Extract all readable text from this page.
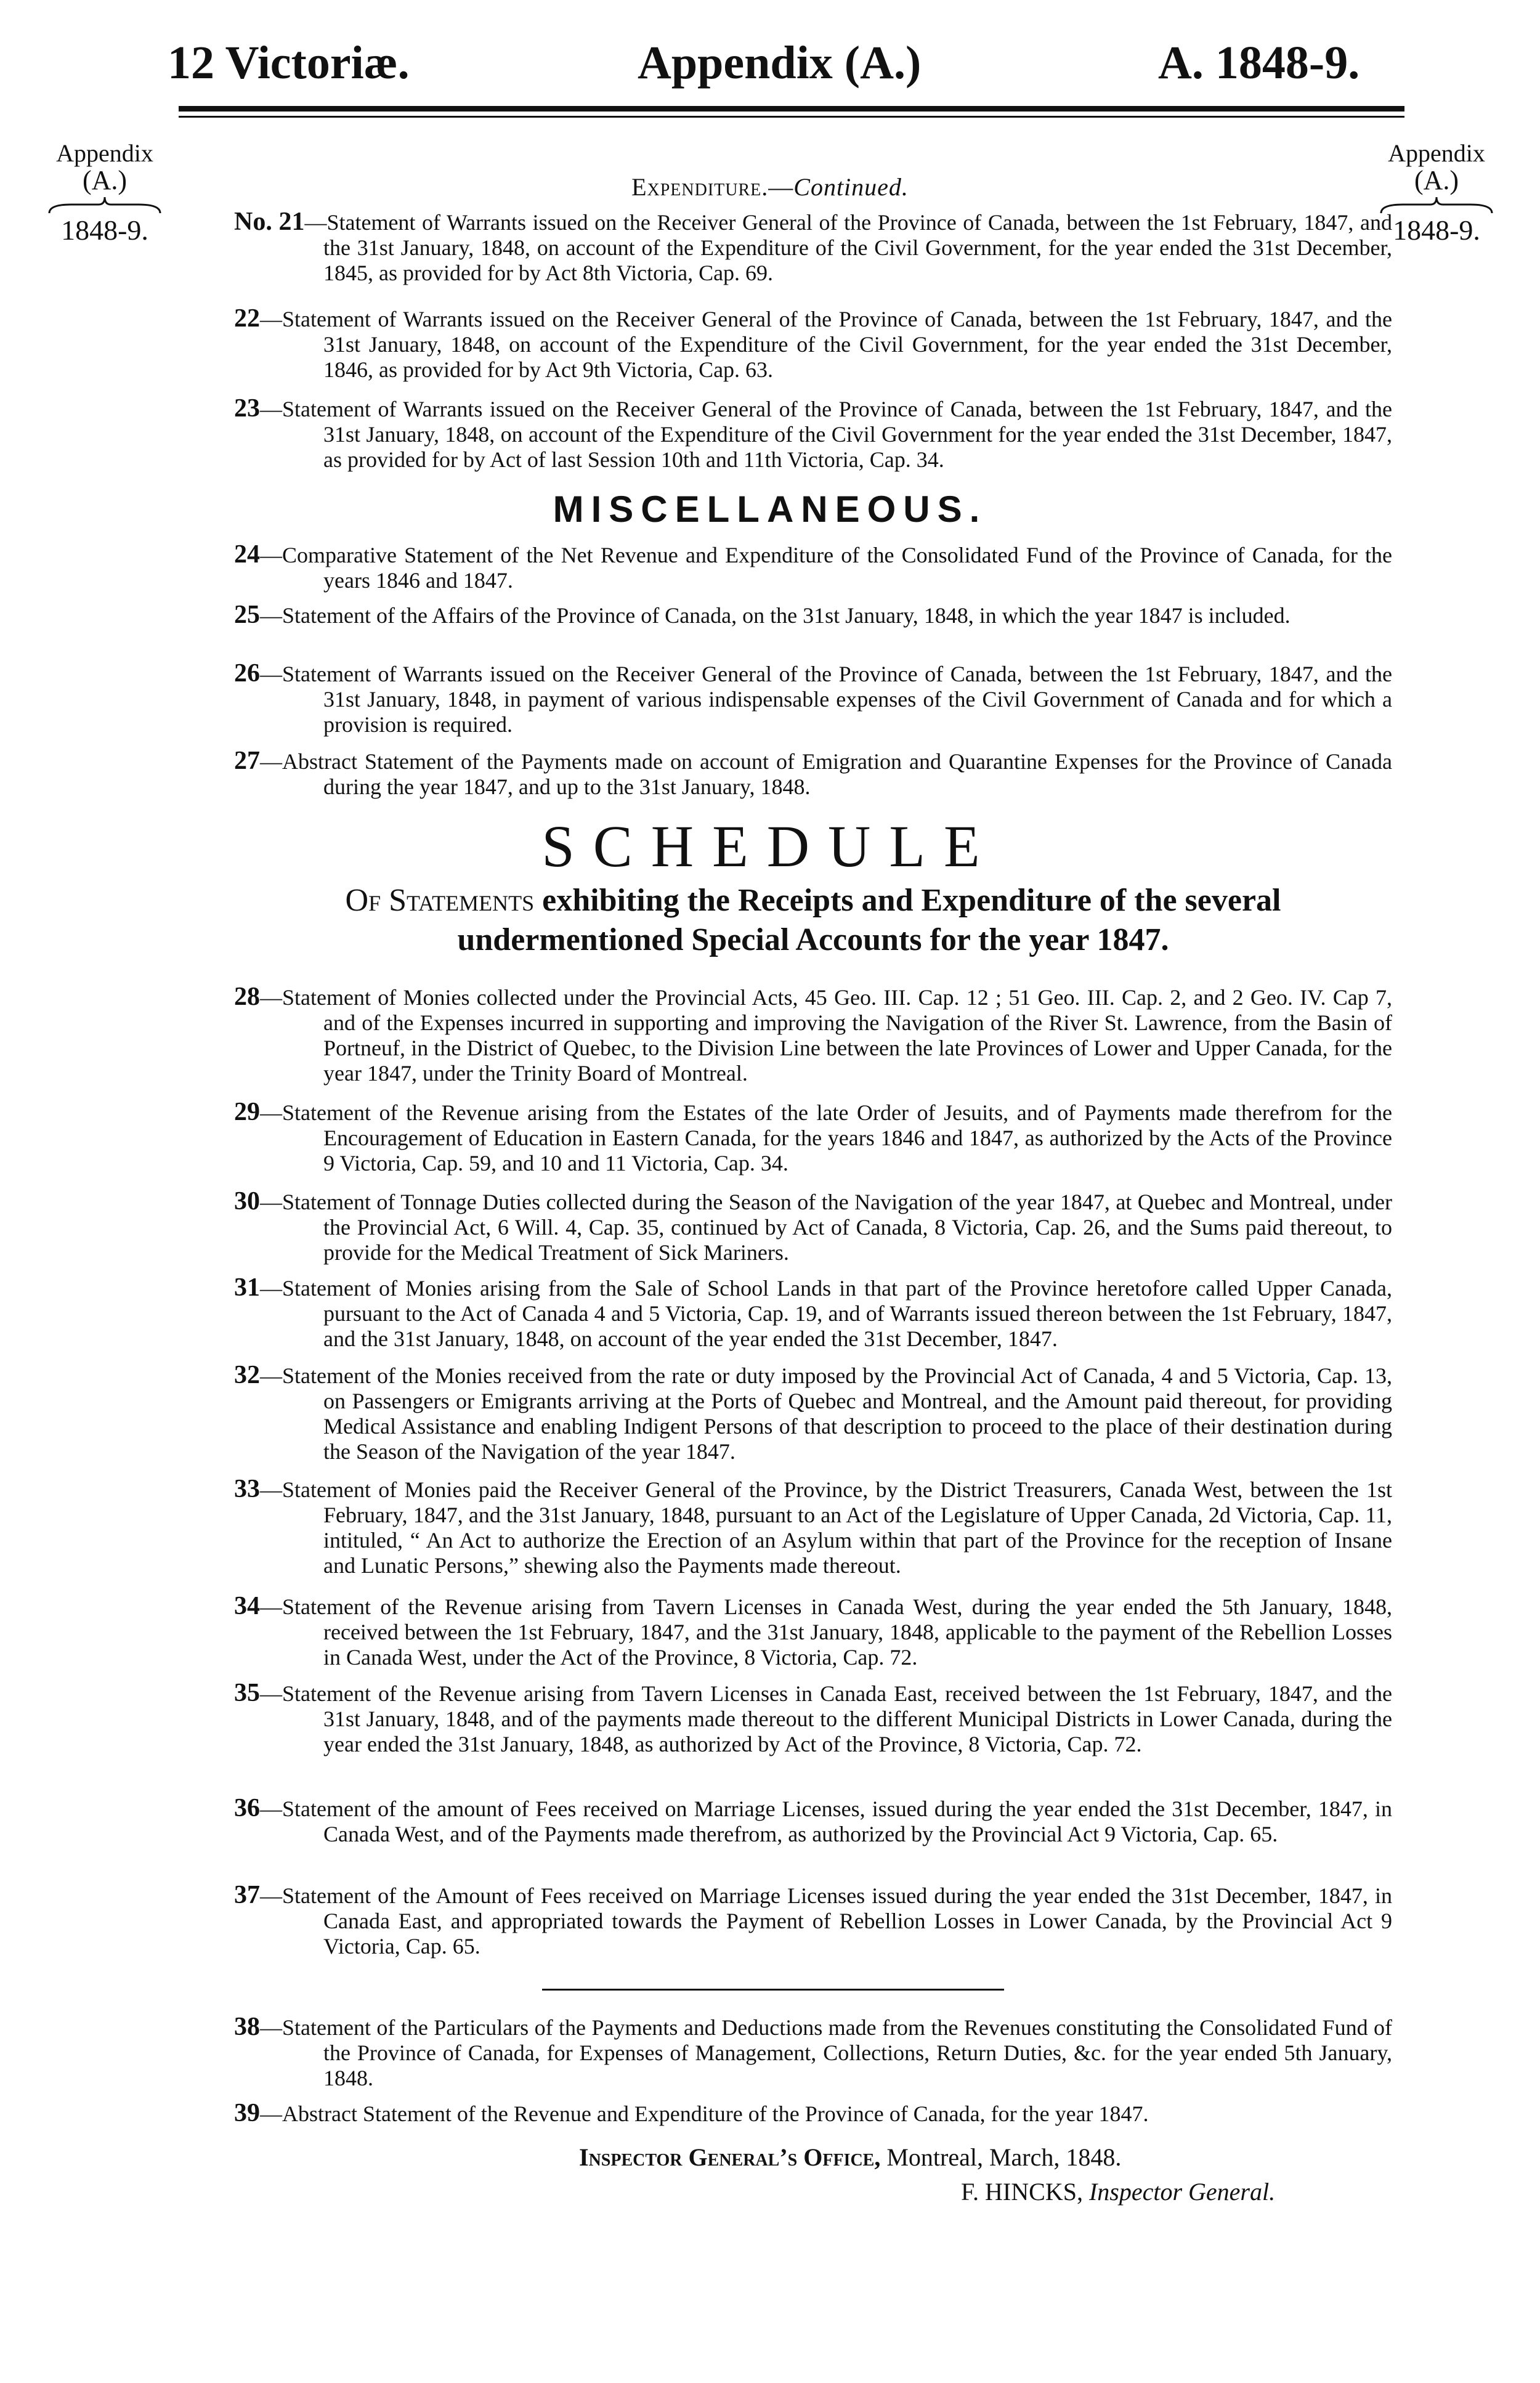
12 Victoriæ.	Appendix (A.)	A. 1848-9.
Appendix
(A.)
1848-9.
Appendix
(A.)
1848-9.
Expenditure.—Continued.
No. 21—Statement of Warrants issued on the Receiver General of the Province of Canada, between the 1st February, 1847, and the 31st January, 1848, on account of the Expenditure of the Civil Government, for the year ended the 31st December, 1845, as provided for by Act 8th Victoria, Cap. 69.
22—Statement of Warrants issued on the Receiver General of the Province of Canada, between the 1st February, 1847, and the 31st January, 1848, on account of the Expenditure of the Civil Government, for the year ended the 31st December, 1846, as provided for by Act 9th Victoria, Cap. 63.
23—Statement of Warrants issued on the Receiver General of the Province of Canada, between the 1st February, 1847, and the 31st January, 1848, on account of the Expenditure of the Civil Government for the year ended the 31st December, 1847, as provided for by Act of last Session 10th and 11th Victoria, Cap. 34.
MISCELLANEOUS.
24—Comparative Statement of the Net Revenue and Expenditure of the Consolidated Fund of the Province of Canada, for the years 1846 and 1847.
25—Statement of the Affairs of the Province of Canada, on the 31st January, 1848, in which the year 1847 is included.
26—Statement of Warrants issued on the Receiver General of the Province of Canada, between the 1st February, 1847, and the 31st January, 1848, in payment of various indispensable expenses of the Civil Government of Canada and for which a provision is required.
27—Abstract Statement of the Payments made on account of Emigration and Quarantine Expenses for the Province of Canada during the year 1847, and up to the 31st January, 1848.
SCHEDULE
Of Statements exhibiting the Receipts and Expenditure of the several undermentioned Special Accounts for the year 1847.
28—Statement of Monies collected under the Provincial Acts, 45 Geo. III. Cap. 12 ; 51 Geo. III. Cap. 2, and 2 Geo. IV. Cap 7, and of the Expenses incurred in supporting and improving the Navigation of the River St. Lawrence, from the Basin of Portneuf, in the District of Quebec, to the Division Line between the late Provinces of Lower and Upper Canada, for the year 1847, under the Trinity Board of Montreal.
29—Statement of the Revenue arising from the Estates of the late Order of Jesuits, and of Payments made therefrom for the Encouragement of Education in Eastern Canada, for the years 1846 and 1847, as authorized by the Acts of the Province 9 Victoria, Cap. 59, and 10 and 11 Victoria, Cap. 34.
30—Statement of Tonnage Duties collected during the Season of the Navigation of the year 1847, at Quebec and Montreal, under the Provincial Act, 6 Will. 4, Cap. 35, continued by Act of Canada, 8 Victoria, Cap. 26, and the Sums paid thereout, to provide for the Medical Treatment of Sick Mariners.
31—Statement of Monies arising from the Sale of School Lands in that part of the Province heretofore called Upper Canada, pursuant to the Act of Canada 4 and 5 Victoria, Cap. 19, and of Warrants issued thereon between the 1st February, 1847, and the 31st January, 1848, on account of the year ended the 31st December, 1847.
32—Statement of the Monies received from the rate or duty imposed by the Provincial Act of Canada, 4 and 5 Victoria, Cap. 13, on Passengers or Emigrants arriving at the Ports of Quebec and Montreal, and the Amount paid thereout, for providing Medical Assistance and enabling Indigent Persons of that description to proceed to the place of their destination during the Season of the Navigation of the year 1847.
33—Statement of Monies paid the Receiver General of the Province, by the District Treasurers, Canada West, between the 1st February, 1847, and the 31st January, 1848, pursuant to an Act of the Legislature of Upper Canada, 2d Victoria, Cap. 11, intituled, “ An Act to authorize the Erection of an Asylum within that part of the Province for the reception of Insane and Lunatic Persons,” shewing also the Payments made thereout.
34—Statement of the Revenue arising from Tavern Licenses in Canada West, during the year ended the 5th January, 1848, received between the 1st February, 1847, and the 31st January, 1848, applicable to the payment of the Rebellion Losses in Canada West, under the Act of the Province, 8 Victoria, Cap. 72.
35—Statement of the Revenue arising from Tavern Licenses in Canada East, received between the 1st February, 1847, and the 31st January, 1848, and of the payments made thereout to the different Municipal Districts in Lower Canada, during the year ended the 31st January, 1848, as authorized by Act of the Province, 8 Victoria, Cap. 72.
36—Statement of the amount of Fees received on Marriage Licenses, issued during the year ended the 31st December, 1847, in Canada West, and of the Payments made therefrom, as authorized by the Provincial Act 9 Victoria, Cap. 65.
37—Statement of the Amount of Fees received on Marriage Licenses issued during the year ended the 31st December, 1847, in Canada East, and appropriated towards the Payment of Rebellion Losses in Lower Canada, by the Provincial Act 9 Victoria, Cap. 65.
38—Statement of the Particulars of the Payments and Deductions made from the Revenues constituting the Consolidated Fund of the Province of Canada, for Expenses of Management, Collections, Return Duties, &c. for the year ended 5th January, 1848.
39—Abstract Statement of the Revenue and Expenditure of the Province of Canada, for the year 1847.
Inspector General’s Office, Montreal, March, 1848.
F. HINCKS, Inspector General.
